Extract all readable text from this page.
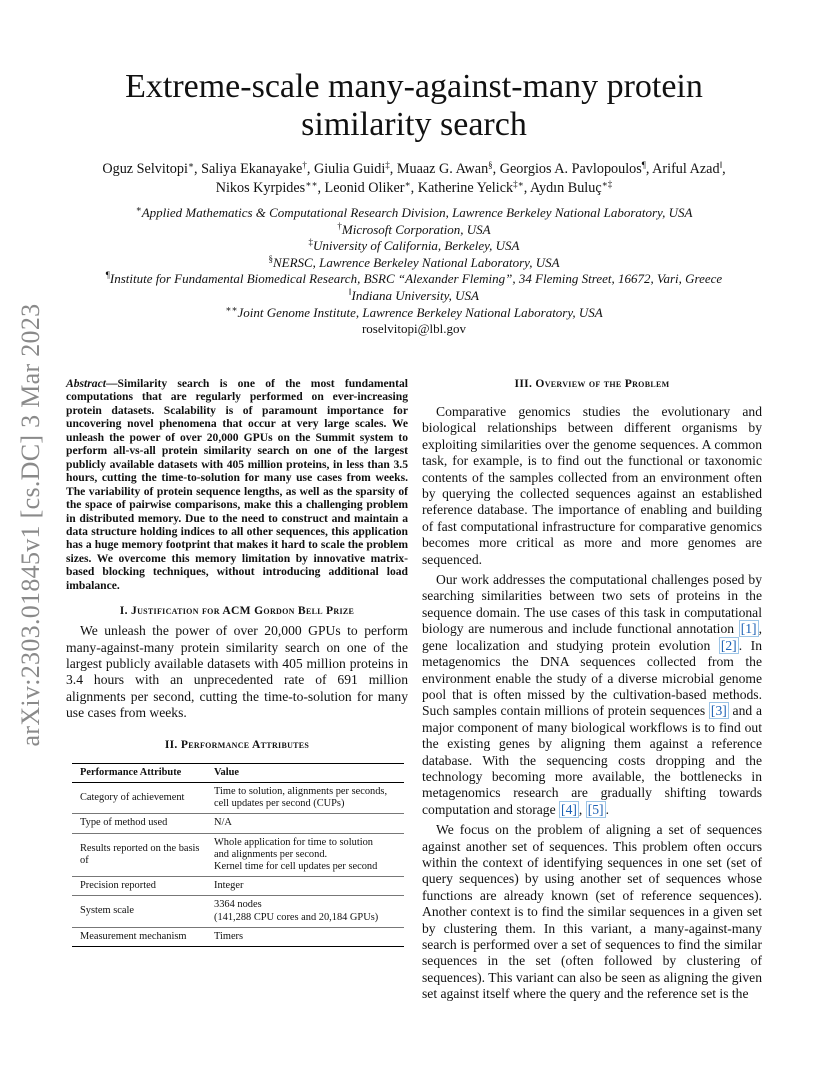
arXiv:2303.01845v1 [cs.DC] 3 Mar 2023
Extreme-scale many-against-many protein similarity search
Oguz Selvitopi∗, Saliya Ekanayake†, Giulia Guidi‡, Muaaz G. Awan§, Georgios A. Pavlopoulos¶, Ariful Azad‖,
Nikos Kyrpides∗∗, Leonid Oliker∗, Katherine Yelick‡∗, Aydın Buluç∗‡
∗Applied Mathematics & Computational Research Division, Lawrence Berkeley National Laboratory, USA
†Microsoft Corporation, USA
‡University of California, Berkeley, USA
§NERSC, Lawrence Berkeley National Laboratory, USA
¶Institute for Fundamental Biomedical Research, BSRC “Alexander Fleming”, 34 Fleming Street, 16672, Vari, Greece
‖Indiana University, USA
∗∗Joint Genome Institute, Lawrence Berkeley National Laboratory, USA
roselvitopi@lbl.gov

Abstract—Similarity search is one of the most fundamental computations that are regularly performed on ever-increasing protein datasets. Scalability is of paramount importance for uncovering novel phenomena that occur at very large scales. We unleash the power of over 20,000 GPUs on the Summit system to perform all-vs-all protein similarity search on one of the largest publicly available datasets with 405 million proteins, in less than 3.5 hours, cutting the time-to-solution for many use cases from weeks. The variability of protein sequence lengths, as well as the sparsity of the space of pairwise comparisons, make this a challenging problem in distributed memory. Due to the need to construct and maintain a data structure holding indices to all other sequences, this application has a huge memory footprint that makes it hard to scale the problem sizes. We overcome this memory limitation by innovative matrix-based blocking techniques, without introducing additional load imbalance.

I. Justification for ACM Gordon Bell Prize

We unleash the power of over 20,000 GPUs to perform many-against-many protein similarity search on one of the largest publicly available datasets with 405 million proteins in 3.4 hours with an unprecedented rate of 691 million alignments per second, cutting the time-to-solution for many use cases from weeks.

II. Performance Attributes
Performance Attribute	Value
Category of achievement	Time to solution, alignments per seconds,
cell updates per second (CUPs)
Type of method used	N/A
Results reported on the basis of	Whole application for time to solution
and alignments per second.
Kernel time for cell updates per second
Precision reported	Integer
System scale	3364 nodes
(141,288 CPU cores and 20,184 GPUs)
Measurement mechanism	Timers
III. Overview of the Problem

Comparative genomics studies the evolutionary and biological relationships between different organisms by exploiting similarities over the genome sequences. A common task, for example, is to find out the functional or taxonomic contents of the samples collected from an environment often by querying the collected sequences against an established reference database. The importance of enabling and building of fast computational infrastructure for comparative genomics becomes more critical as more and more genomes are sequenced.

Our work addresses the computational challenges posed by searching similarities between two sets of proteins in the sequence domain. The use cases of this task in computational biology are numerous and include functional annotation [1] , gene localization and studying protein evolution [2] . In metagenomics the DNA sequences collected from the environment enable the study of a diverse microbial genome pool that is often missed by the cultivation-based methods. Such samples contain millions of protein sequences [3] and a major component of many biological workflows is to find out the existing genes by aligning them against a reference database. With the sequencing costs dropping and the technology becoming more available, the bottlenecks in metagenomics research are gradually shifting towards computation and storage [4] , [5] .

We focus on the problem of aligning a set of sequences against another set of sequences. This problem often occurs within the context of identifying sequences in one set (set of query sequences) by using another set of sequences whose functions are already known (set of reference sequences). Another context is to find the similar sequences in a given set by clustering them. In this variant, a many-against-many search is performed over a set of sequences to find the similar sequences in the set (often followed by clustering of sequences). This variant can also be seen as aligning the given set against itself where the query and the reference set is the
